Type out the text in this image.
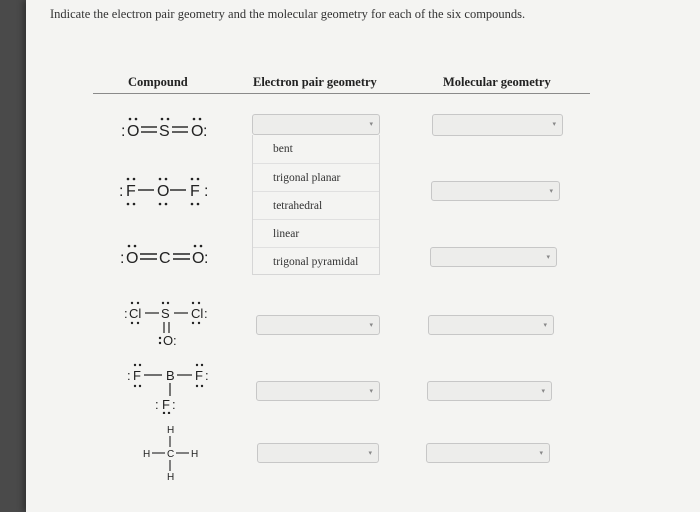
Indicate the electron pair geometry and the molecular geometry for each of the six compounds.
Compound	Electron pair geometry	Molecular geometry
: O S O :
: F O F :
: O C O :
: Cl S Cl :
O :
: F B F :
: F :
H
H C H
H
▾
bent
trigonal planar
tetrahedral
linear
trigonal pyramidal
▾
▾
▾
▾
▾
▾
▾
▾
▾
